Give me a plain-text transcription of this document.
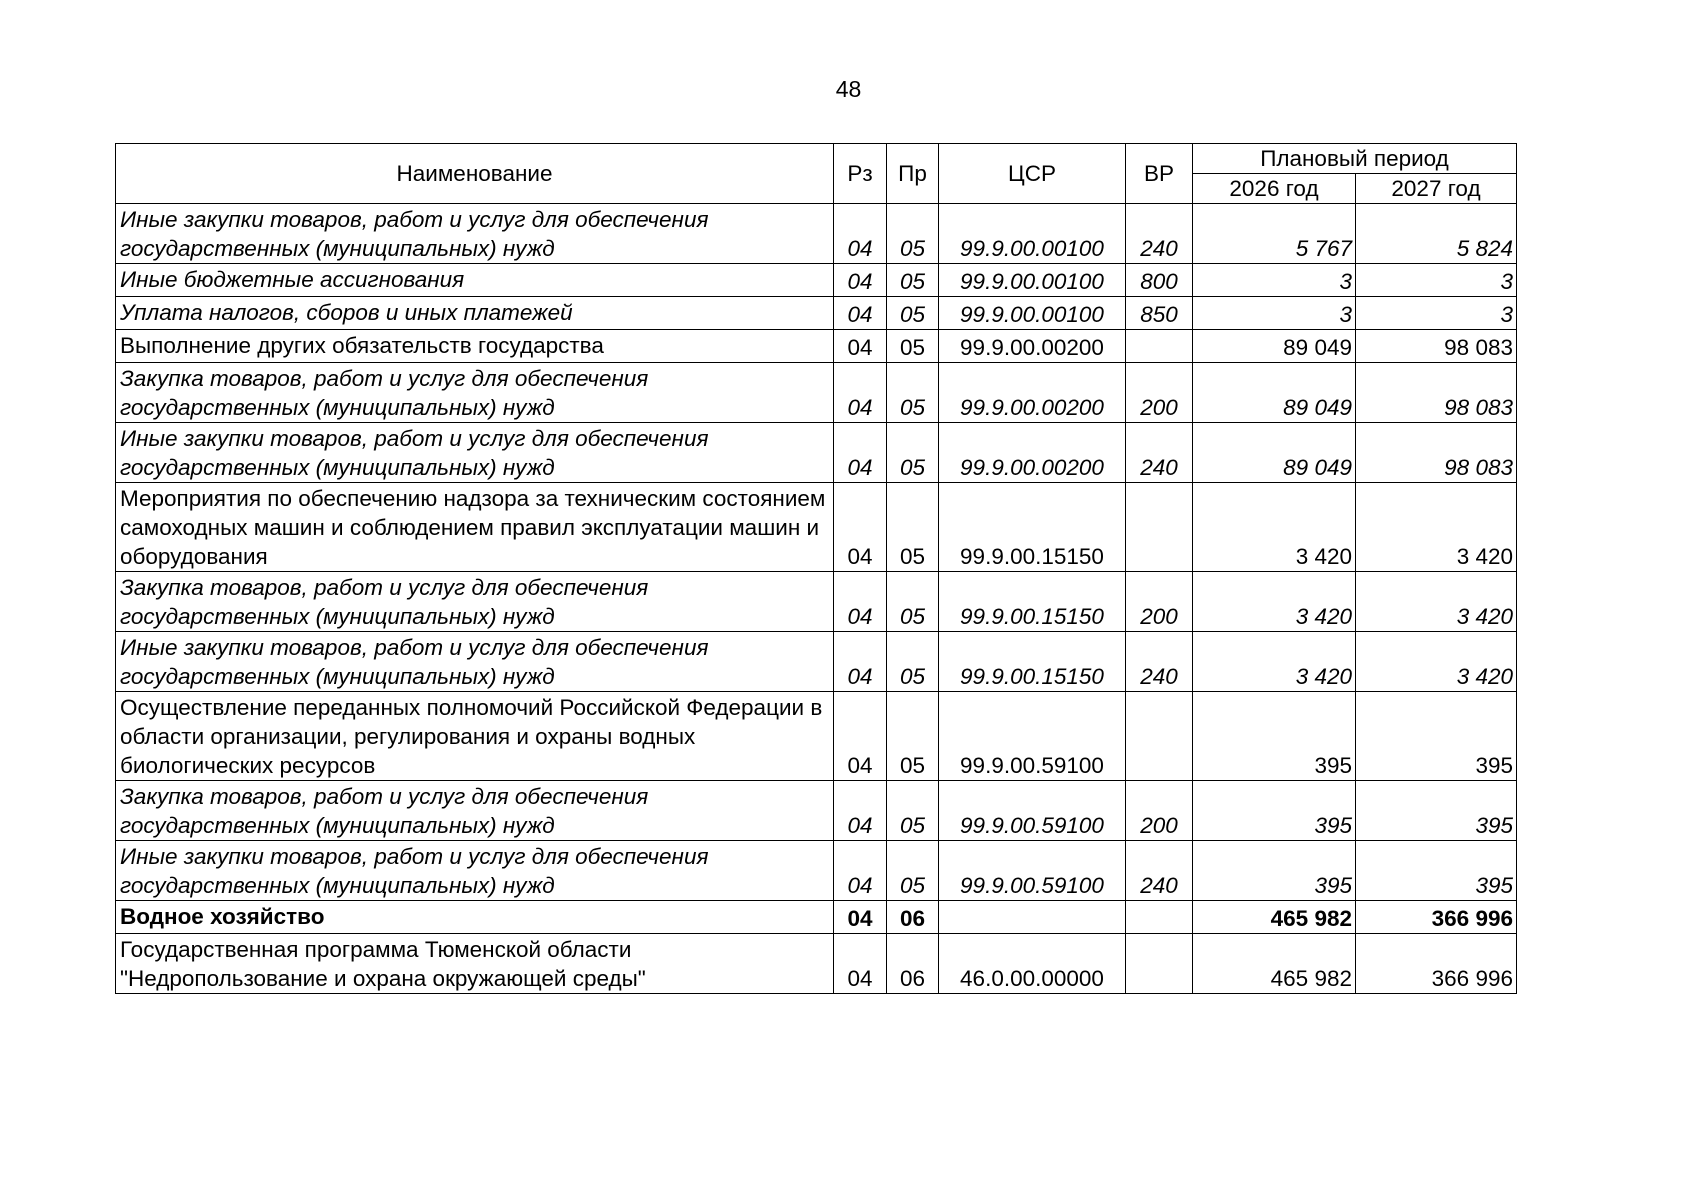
48
Наименование	Рз	Пр	ЦСР	ВР	Плановый период	
					2026 год	2027 год
Иные закупки товаров, работ и услуг для обеспечения государственных (муниципальных) нужд	04	05	99.9.00.00100	240	5 767	5 824
Иные бюджетные ассигнования	04	05	99.9.00.00100	800	3	3
Уплата налогов, сборов и иных платежей	04	05	99.9.00.00100	850	3	3
Выполнение других обязательств государства	04	05	99.9.00.00200		89 049	98 083
Закупка товаров, работ и услуг для обеспечения государственных (муниципальных) нужд	04	05	99.9.00.00200	200	89 049	98 083
Иные закупки товаров, работ и услуг для обеспечения государственных (муниципальных) нужд	04	05	99.9.00.00200	240	89 049	98 083
Мероприятия по обеспечению надзора за техническим состоянием самоходных машин и соблюдением правил эксплуатации машин и оборудования	04	05	99.9.00.15150		3 420	3 420
Закупка товаров, работ и услуг для обеспечения государственных (муниципальных) нужд	04	05	99.9.00.15150	200	3 420	3 420
Иные закупки товаров, работ и услуг для обеспечения государственных (муниципальных) нужд	04	05	99.9.00.15150	240	3 420	3 420
Осуществление переданных полномочий Российской Федерации в области организации, регулирования и охраны водных биологических ресурсов	04	05	99.9.00.59100		395	395
Закупка товаров, работ и услуг для обеспечения государственных (муниципальных) нужд	04	05	99.9.00.59100	200	395	395
Иные закупки товаров, работ и услуг для обеспечения государственных (муниципальных) нужд	04	05	99.9.00.59100	240	395	395
Водное хозяйство	04	06			465 982	366 996
Государственная программа Тюменской области "Недропользование и охрана окружающей среды"	04	06	46.0.00.00000		465 982	366 996
